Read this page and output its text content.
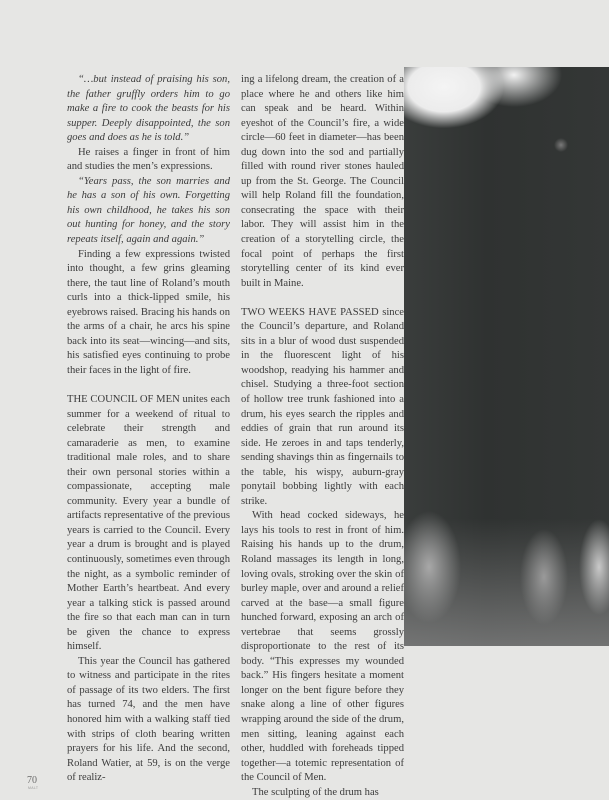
“…but instead of praising his son, the father gruffly orders him to go make a fire to cook the beasts for his supper. Deeply disappointed, the son goes and does as he is told.”

He raises a finger in front of him and studies the men’s expressions.

“Years pass, the son marries and he has a son of his own. Forgetting his own childhood, he takes his son out hunting for honey, and the story repeats itself, again and again.”

Finding a few expressions twisted into thought, a few grins gleaming there, the taut line of Roland’s mouth curls into a thick-lipped smile, his eyebrows raised. Bracing his hands on the arms of a chair, he arcs his spine back into its seat—wincing—and sits, his satisfied eyes continuing to probe their faces in the light of fire.

THE COUNCIL OF MEN unites each summer for a weekend of ritual to celebrate their strength and camaraderie as men, to examine traditional male roles, and to share their own personal stories within a compassionate, accepting male community. Every year a bundle of artifacts representative of the previous years is carried to the Council. Every year a drum is brought and is played continuously, sometimes even through the night, as a symbolic reminder of Mother Earth’s heartbeat. And every year a talking stick is passed around the fire so that each man can in turn be given the chance to express himself.

This year the Council has gathered to witness and participate in the rites of passage of its two elders. The first has turned 74, and the men have honored him with a walking staff tied with strips of cloth bearing written prayers for his life. And the second, Roland Watier, at 59, is on the verge of realiz-

ing a lifelong dream, the creation of a place where he and others like him can speak and be heard. Within eyeshot of the Council’s fire, a wide circle—60 feet in diameter—has been dug down into the sod and partially filled with round river stones hauled up from the St. George. The Council will help Roland fill the foundation, consecrating the space with their labor. They will assist him in the creation of a storytelling circle, the focal point of perhaps the first storytelling center of its kind ever built in Maine.

TWO WEEKS HAVE PASSED since the Council’s departure, and Roland sits in a blur of wood dust suspended in the fluorescent light of his woodshop, readying his hammer and chisel. Studying a three-foot section of hollow tree trunk fashioned into a drum, his eyes search the ripples and eddies of grain that run around its side. He zeroes in and taps tenderly, sending shavings thin as fingernails to the table, his wispy, auburn-gray ponytail bobbing lightly with each strike.

With head cocked sideways, he lays his tools to rest in front of him. Raising his hands up to the drum, Roland massages its length in long, loving ovals, stroking over the skin of burley maple, over and around a relief carved at the base—a small figure hunched forward, exposing an arch of vertebrae that seems grossly disproportionate to the rest of its body. “This expresses my wounded back.” His fingers hesitate a moment longer on the bent figure before they snake along a line of other figures wrapping around the side of the drum, men sitting, leaning against each other, huddled with foreheads tipped together—a totemic representation of the Council of Men.

The sculpting of the drum has

70
MALT
